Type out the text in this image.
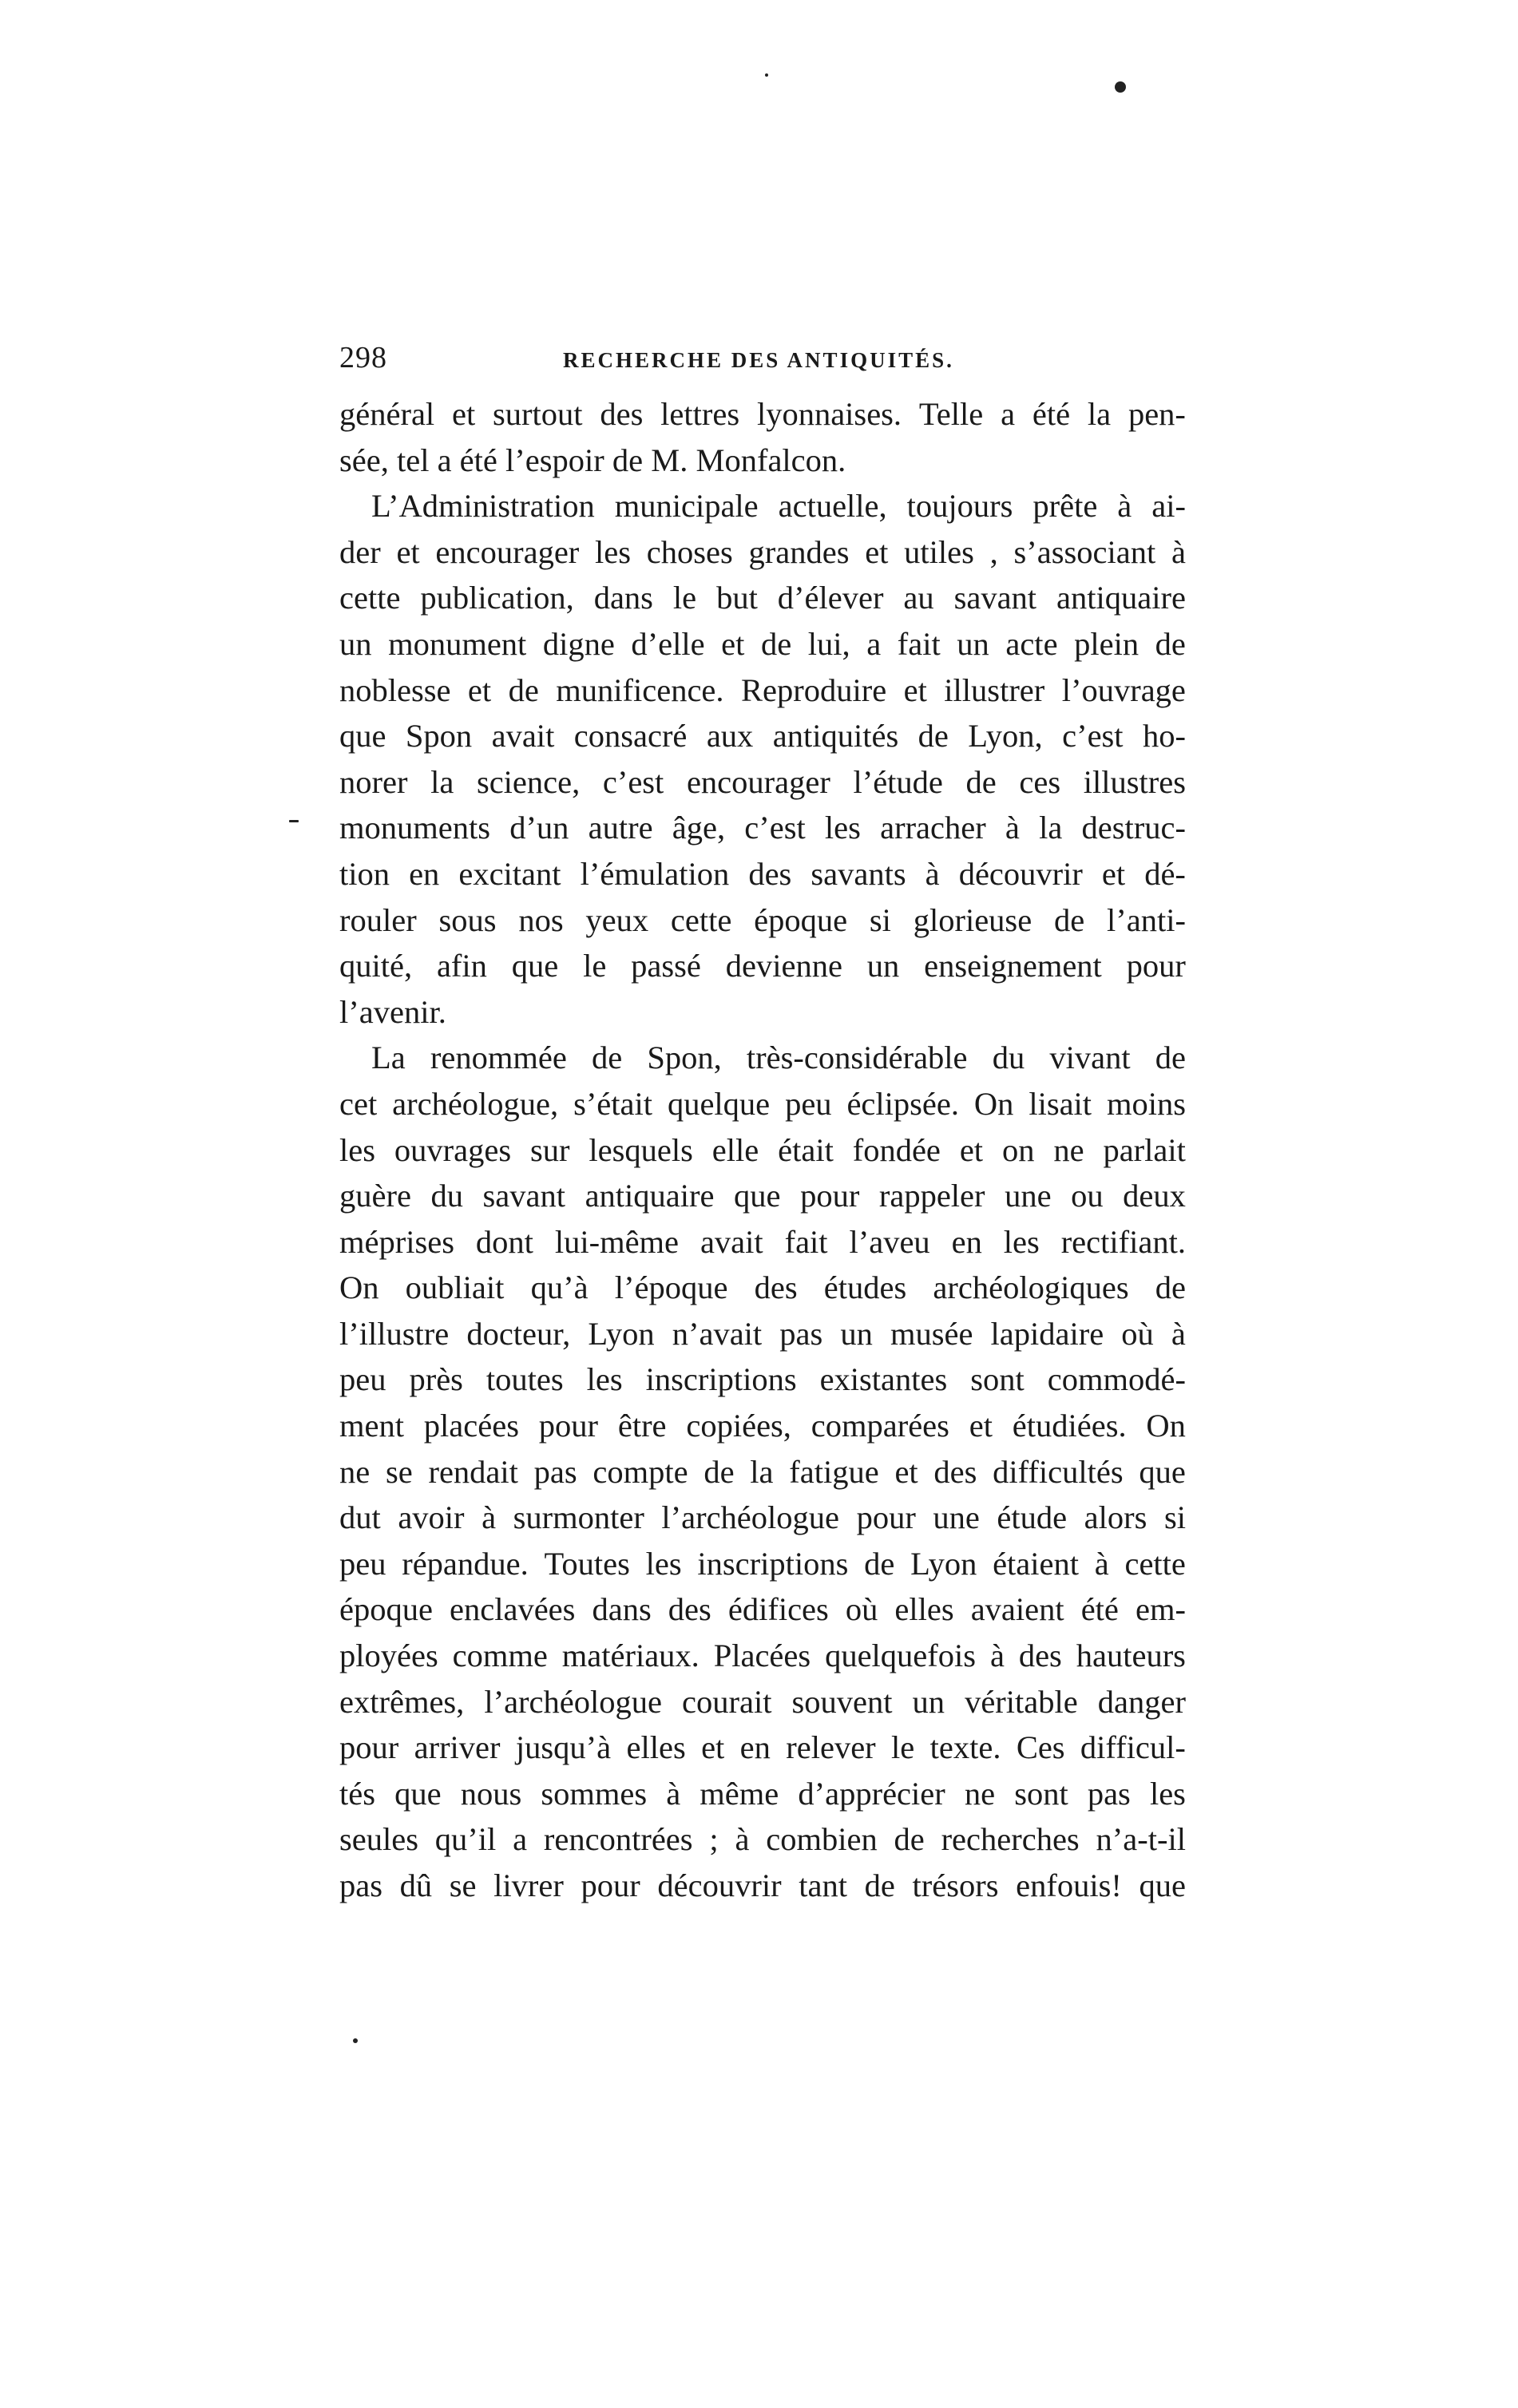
298	RECHERCHE DES ANTIQUITÉS.
général et surtout des lettres lyonnaises. Telle a été la pen-
sée, tel a été l’espoir de M. Monfalcon.
L’Administration municipale actuelle, toujours prête à ai-
der et encourager les choses grandes et utiles , s’associant à
cette publication, dans le but d’élever au savant antiquaire
un monument digne d’elle et de lui, a fait un acte plein de
noblesse et de munificence. Reproduire et illustrer l’ouvrage
que Spon avait consacré aux antiquités de Lyon, c’est ho-
norer la science, c’est encourager l’étude de ces illustres
monuments d’un autre âge, c’est les arracher à la destruc-
tion en excitant l’émulation des savants à découvrir et dé-
rouler sous nos yeux cette époque si glorieuse de l’anti-
quité, afin que le passé devienne un enseignement pour
l’avenir.
La renommée de Spon, très-considérable du vivant de
cet archéologue, s’était quelque peu éclipsée. On lisait moins
les ouvrages sur lesquels elle était fondée et on ne parlait
guère du savant antiquaire que pour rappeler une ou deux
méprises dont lui-même avait fait l’aveu en les rectifiant.
On oubliait qu’à l’époque des études archéologiques de
l’illustre docteur, Lyon n’avait pas un musée lapidaire où à
peu près toutes les inscriptions existantes sont commodé-
ment placées pour être copiées, comparées et étudiées. On
ne se rendait pas compte de la fatigue et des difficultés que
dut avoir à surmonter l’archéologue pour une étude alors si
peu répandue. Toutes les inscriptions de Lyon étaient à cette
époque enclavées dans des édifices où elles avaient été em-
ployées comme matériaux. Placées quelquefois à des hauteurs
extrêmes, l’archéologue courait souvent un véritable danger
pour arriver jusqu’à elles et en relever le texte. Ces difficul-
tés que nous sommes à même d’apprécier ne sont pas les
seules qu’il a rencontrées ; à combien de recherches n’a-t-il
pas dû se livrer pour découvrir tant de trésors enfouis! que
